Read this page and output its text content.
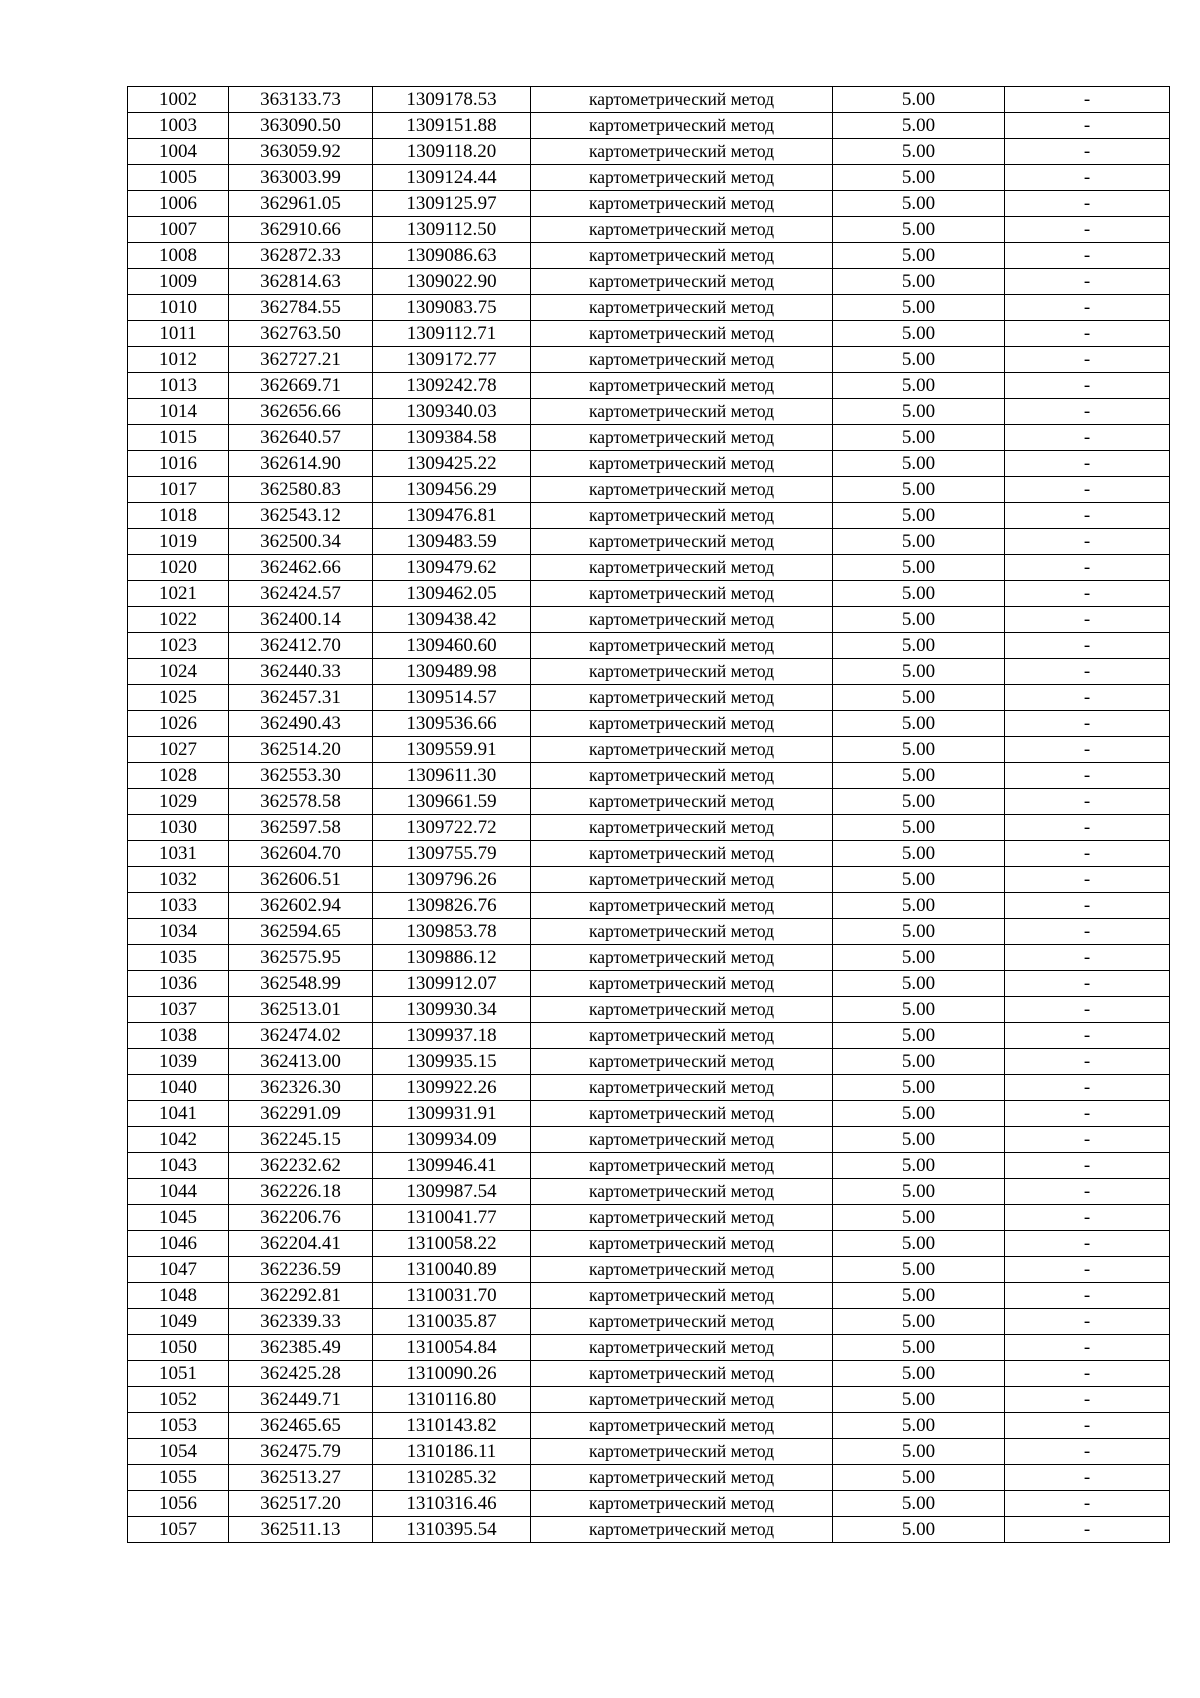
1002	363133.73	1309178.53	картометрический метод	5.00	-
1003	363090.50	1309151.88	картометрический метод	5.00	-
1004	363059.92	1309118.20	картометрический метод	5.00	-
1005	363003.99	1309124.44	картометрический метод	5.00	-
1006	362961.05	1309125.97	картометрический метод	5.00	-
1007	362910.66	1309112.50	картометрический метод	5.00	-
1008	362872.33	1309086.63	картометрический метод	5.00	-
1009	362814.63	1309022.90	картометрический метод	5.00	-
1010	362784.55	1309083.75	картометрический метод	5.00	-
1011	362763.50	1309112.71	картометрический метод	5.00	-
1012	362727.21	1309172.77	картометрический метод	5.00	-
1013	362669.71	1309242.78	картометрический метод	5.00	-
1014	362656.66	1309340.03	картометрический метод	5.00	-
1015	362640.57	1309384.58	картометрический метод	5.00	-
1016	362614.90	1309425.22	картометрический метод	5.00	-
1017	362580.83	1309456.29	картометрический метод	5.00	-
1018	362543.12	1309476.81	картометрический метод	5.00	-
1019	362500.34	1309483.59	картометрический метод	5.00	-
1020	362462.66	1309479.62	картометрический метод	5.00	-
1021	362424.57	1309462.05	картометрический метод	5.00	-
1022	362400.14	1309438.42	картометрический метод	5.00	-
1023	362412.70	1309460.60	картометрический метод	5.00	-
1024	362440.33	1309489.98	картометрический метод	5.00	-
1025	362457.31	1309514.57	картометрический метод	5.00	-
1026	362490.43	1309536.66	картометрический метод	5.00	-
1027	362514.20	1309559.91	картометрический метод	5.00	-
1028	362553.30	1309611.30	картометрический метод	5.00	-
1029	362578.58	1309661.59	картометрический метод	5.00	-
1030	362597.58	1309722.72	картометрический метод	5.00	-
1031	362604.70	1309755.79	картометрический метод	5.00	-
1032	362606.51	1309796.26	картометрический метод	5.00	-
1033	362602.94	1309826.76	картометрический метод	5.00	-
1034	362594.65	1309853.78	картометрический метод	5.00	-
1035	362575.95	1309886.12	картометрический метод	5.00	-
1036	362548.99	1309912.07	картометрический метод	5.00	-
1037	362513.01	1309930.34	картометрический метод	5.00	-
1038	362474.02	1309937.18	картометрический метод	5.00	-
1039	362413.00	1309935.15	картометрический метод	5.00	-
1040	362326.30	1309922.26	картометрический метод	5.00	-
1041	362291.09	1309931.91	картометрический метод	5.00	-
1042	362245.15	1309934.09	картометрический метод	5.00	-
1043	362232.62	1309946.41	картометрический метод	5.00	-
1044	362226.18	1309987.54	картометрический метод	5.00	-
1045	362206.76	1310041.77	картометрический метод	5.00	-
1046	362204.41	1310058.22	картометрический метод	5.00	-
1047	362236.59	1310040.89	картометрический метод	5.00	-
1048	362292.81	1310031.70	картометрический метод	5.00	-
1049	362339.33	1310035.87	картометрический метод	5.00	-
1050	362385.49	1310054.84	картометрический метод	5.00	-
1051	362425.28	1310090.26	картометрический метод	5.00	-
1052	362449.71	1310116.80	картометрический метод	5.00	-
1053	362465.65	1310143.82	картометрический метод	5.00	-
1054	362475.79	1310186.11	картометрический метод	5.00	-
1055	362513.27	1310285.32	картометрический метод	5.00	-
1056	362517.20	1310316.46	картометрический метод	5.00	-
1057	362511.13	1310395.54	картометрический метод	5.00	-
